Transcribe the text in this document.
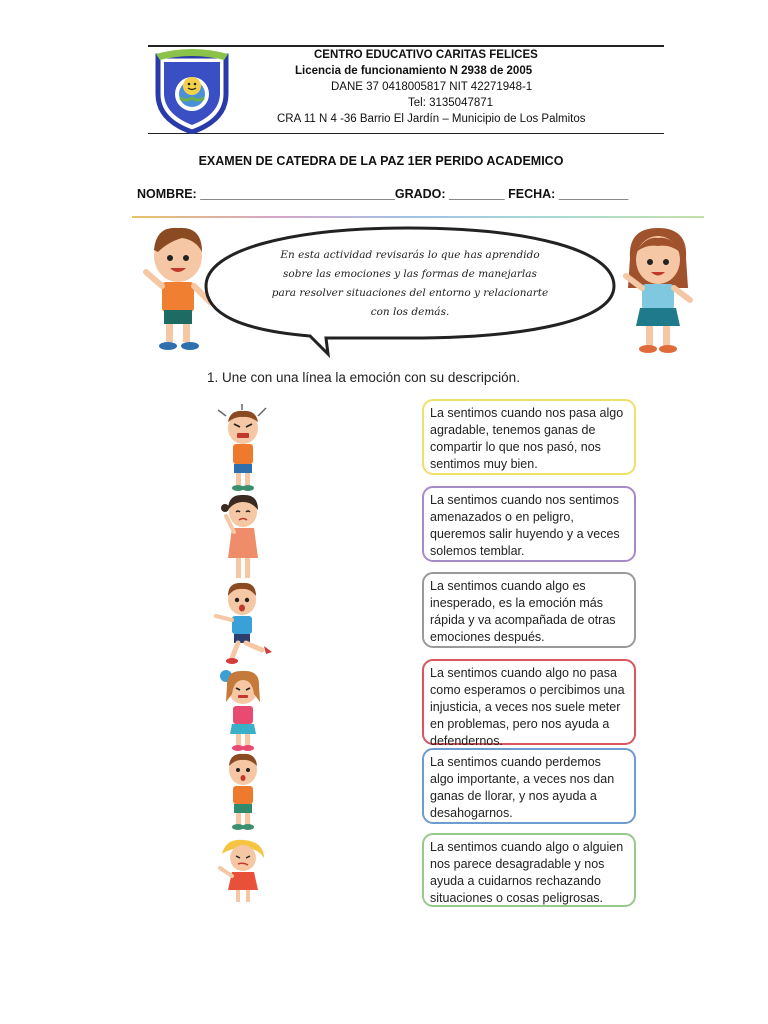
CENTRO EDUCATIVO CARITAS FELICES
Licencia de funcionamiento N 2938 de 2005
DANE 37 0418005817 NIT 42271948-1
Tel: 3135047871
CRA 11 N 4 -36 Barrio El Jardín – Municipio de Los Palmitos
EXAMEN DE CATEDRA DE LA PAZ 1ER PERIDO ACADEMICO
NOMBRE: ____________________________GRADO: ________ FECHA: __________
En esta actividad revisarás lo que has aprendido
sobre las emociones y las formas de manejarlas
para resolver situaciones del entorno y relacionarte
con los demás.
1. Une con una línea la emoción con su descripción.
La sentimos cuando nos pasa algo agradable, tenemos ganas de compartir lo que nos pasó, nos sentimos muy bien.
La sentimos cuando nos sentimos amenazados o en peligro, queremos salir huyendo y a veces solemos temblar.
La sentimos cuando algo es inesperado, es la emoción más rápida y va acompañada de otras emociones después.
La sentimos cuando algo no pasa como esperamos o percibimos una injusticia, a veces nos suele meter en problemas, pero nos ayuda a defendernos.
La sentimos cuando perdemos algo importante, a veces nos dan ganas de llorar, y nos ayuda a desahogarnos.
La sentimos cuando algo o alguien nos parece desagradable y nos ayuda a cuidarnos rechazando situaciones o cosas peligrosas.
